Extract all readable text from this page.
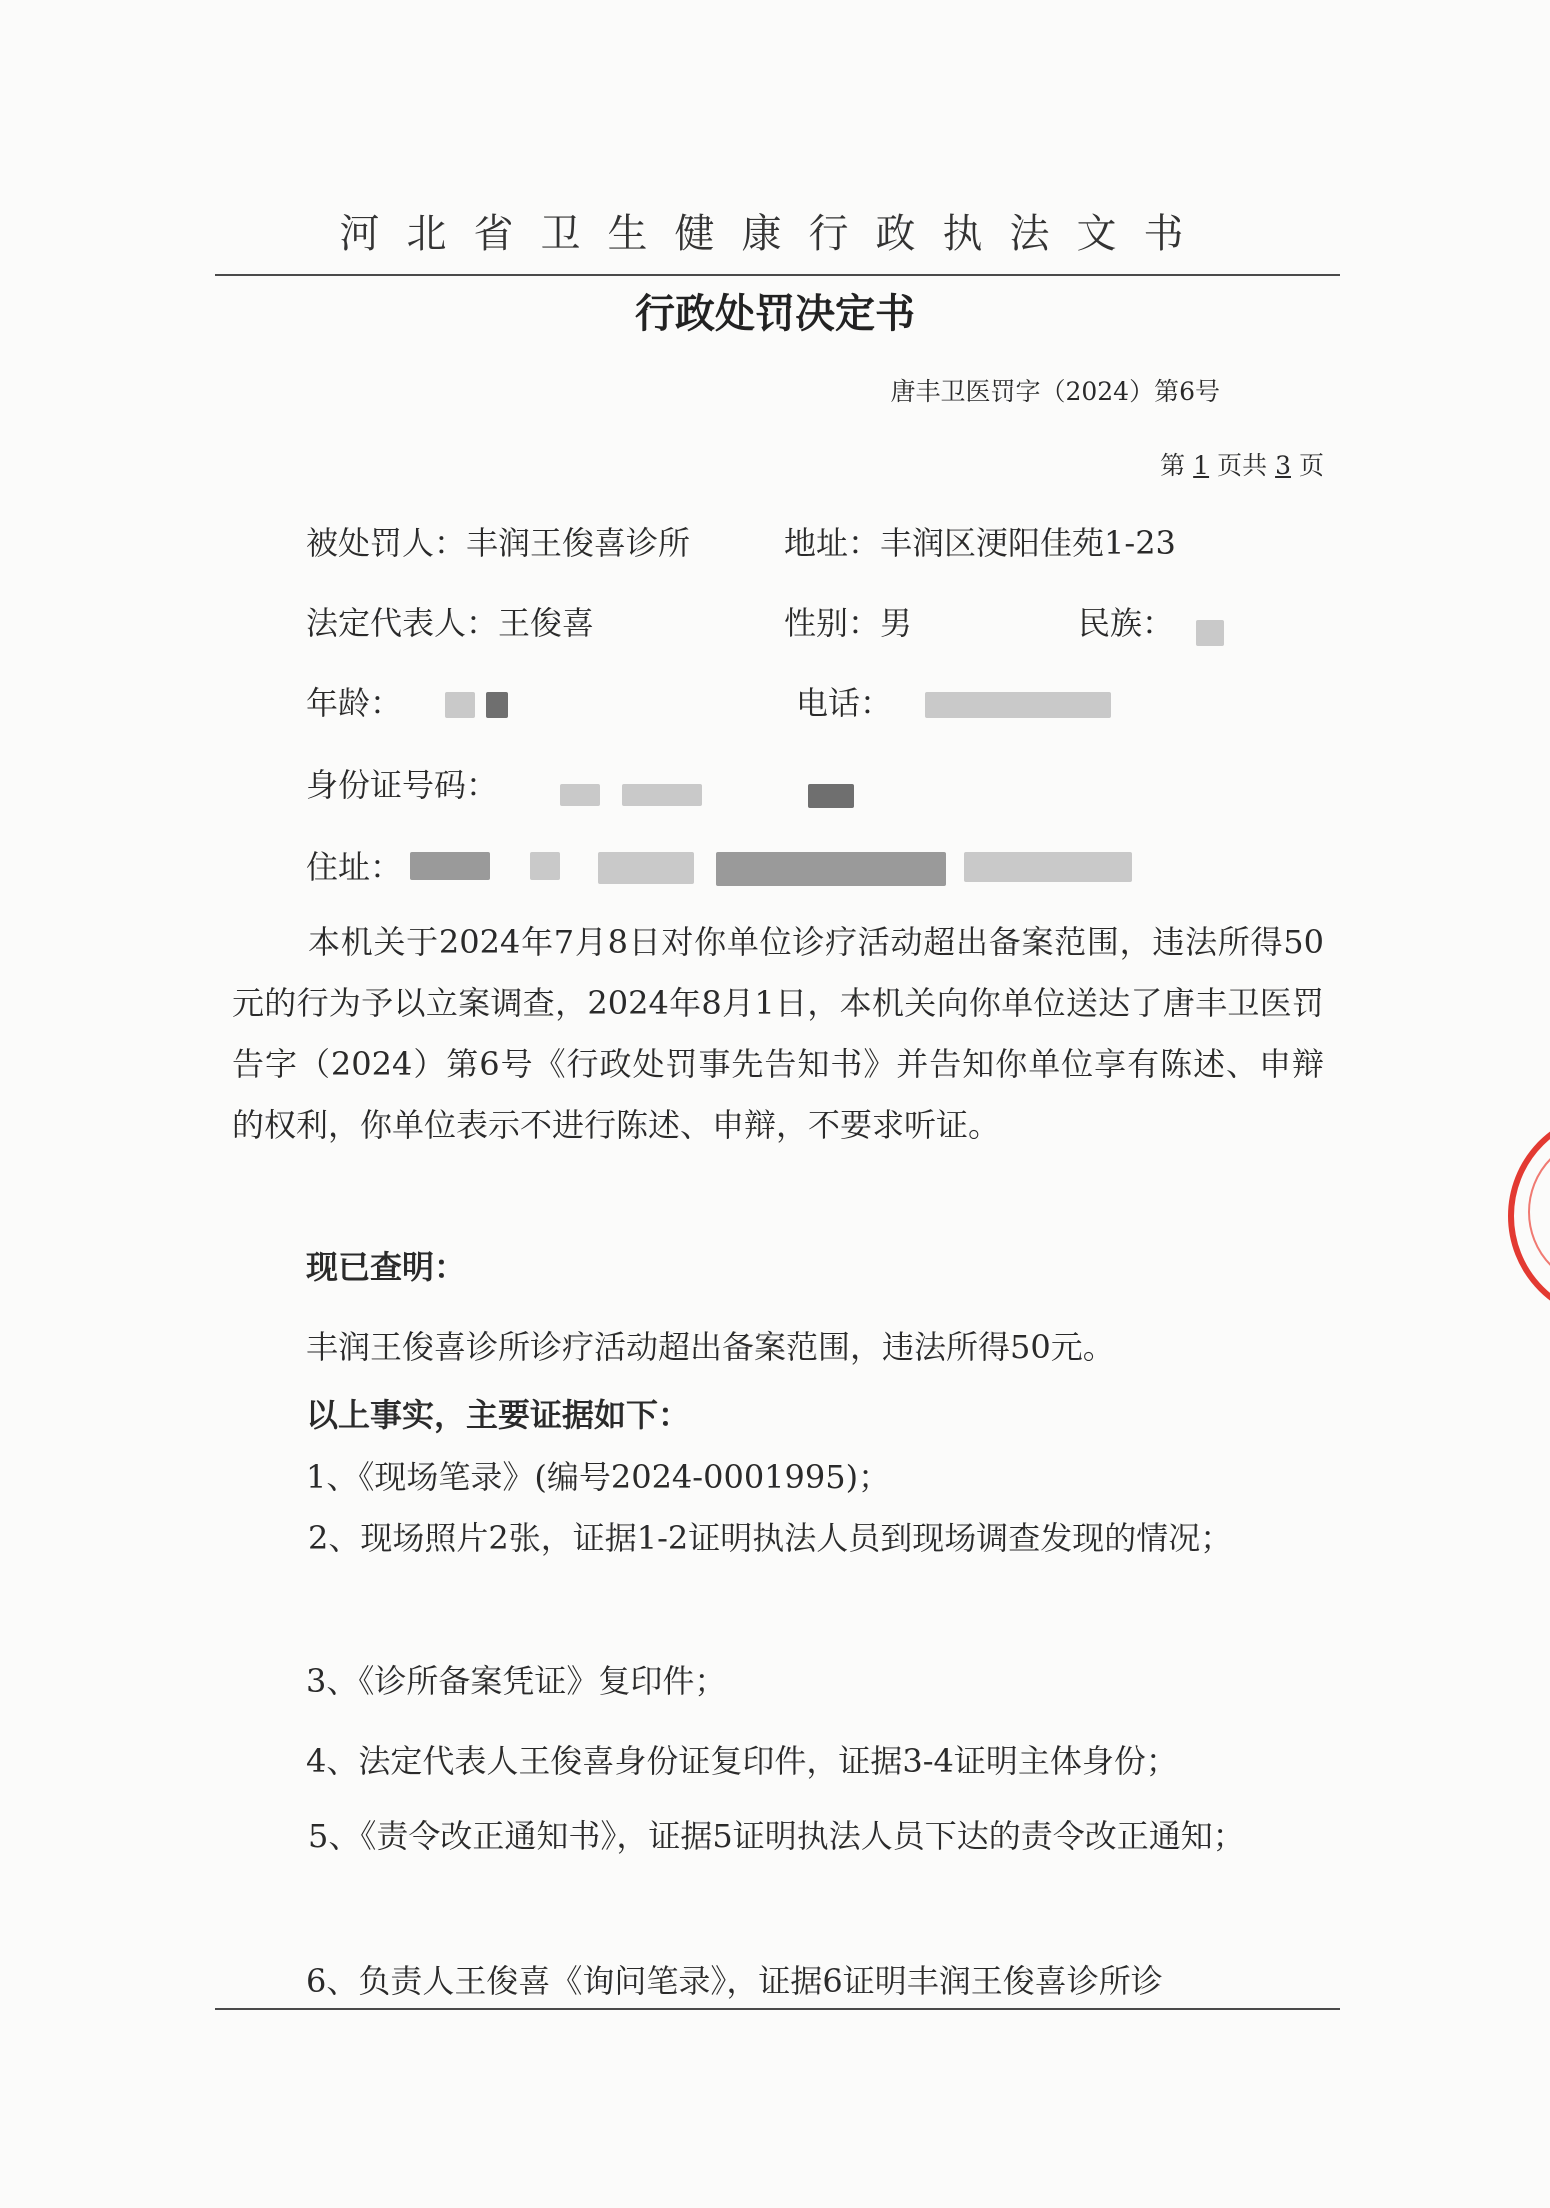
河北省卫生健康行政执法文书
行政处罚决定书
唐丰卫医罚字（2024）第6号
第 1 页共 3 页
被处罚人：丰润王俊喜诊所	地址：丰润区浭阳佳苑1-23
法定代表人：王俊喜	性别：男	民族：
年龄：	电话：
身份证号码：
住址：
本机关于2024年7月8日对你单位诊疗活动超出备案范围，违法所得50元的行为予以立案调查，2024年8月1日，本机关向你单位送达了唐丰卫医罚告字（2024）第6号《行政处罚事先告知书》并告知你单位享有陈述、申辩的权利，你单位表示不进行陈述、申辩，不要求听证。
现已查明：
丰润王俊喜诊所诊疗活动超出备案范围，违法所得50元。
以上事实，主要证据如下：
1、《现场笔录》(编号2024-0001995)；
2、现场照片2张，证据1-2证明执法人员到现场调查发现的情况；
3、《诊所备案凭证》复印件；
4、法定代表人王俊喜身份证复印件，证据3-4证明主体身份；
5、《责令改正通知书》，证据5证明执法人员下达的责令改正通知；
6、负责人王俊喜《询问笔录》，证据6证明丰润王俊喜诊所诊
